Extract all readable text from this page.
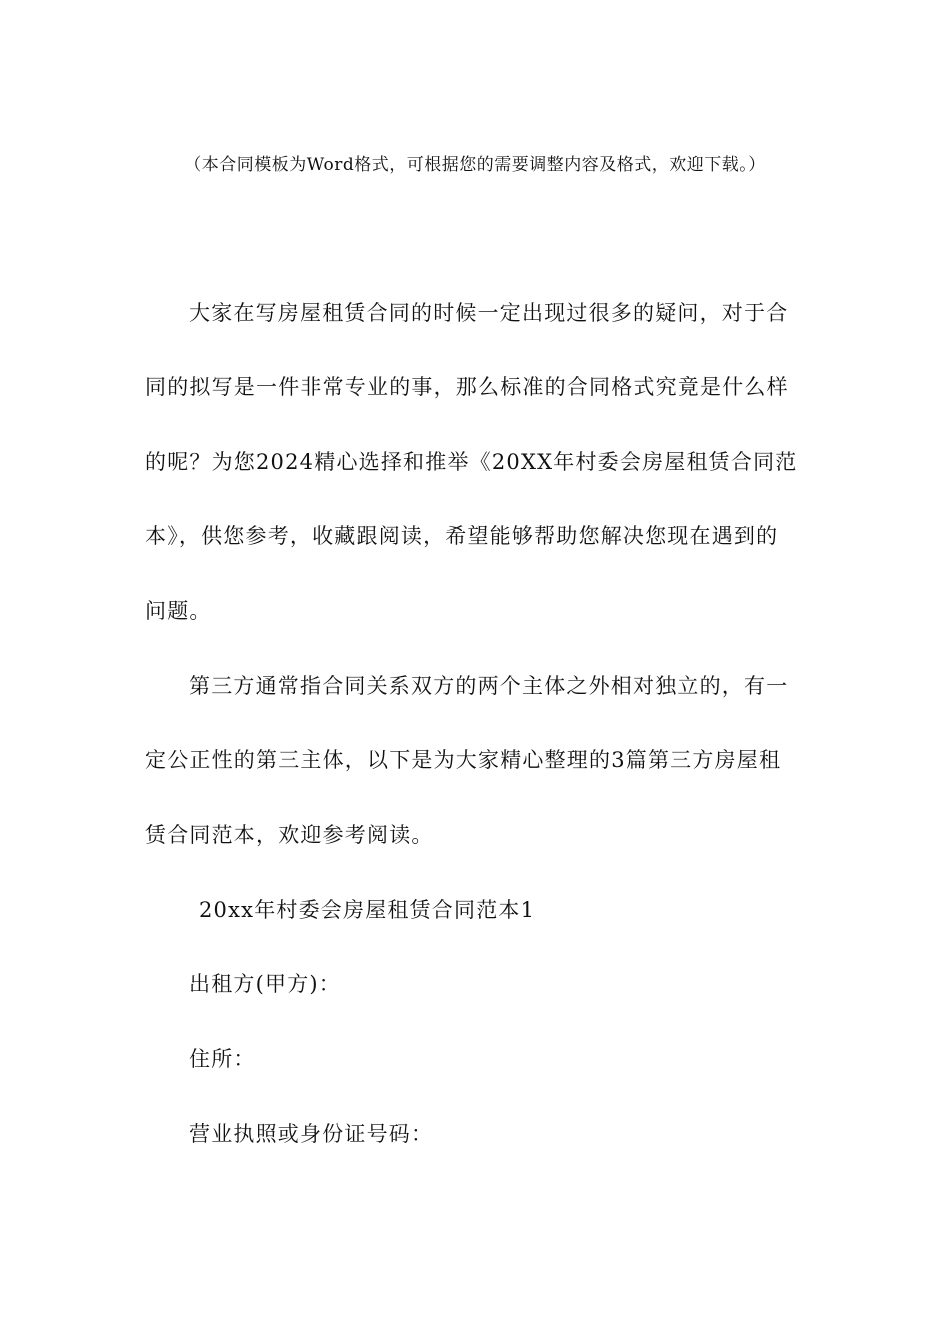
（本合同模板为Word格式，可根据您的需要调整内容及格式，欢迎下载。）
大家在写房屋租赁合同的时候一定出现过很多的疑问，对于合
同的拟写是一件非常专业的事，那么标准的合同格式究竟是什么样
的呢？为您2024精心选择和推举《20XX年村委会房屋租赁合同范
本》，供您参考，收藏跟阅读，希望能够帮助您解决您现在遇到的
问题。
第三方通常指合同关系双方的两个主体之外相对独立的，有一
定公正性的第三主体，以下是为大家精心整理的3篇第三方房屋租
赁合同范本，欢迎参考阅读。
20xx年村委会房屋租赁合同范本1
出租方(甲方)：
住所：
营业执照或身份证号码：
